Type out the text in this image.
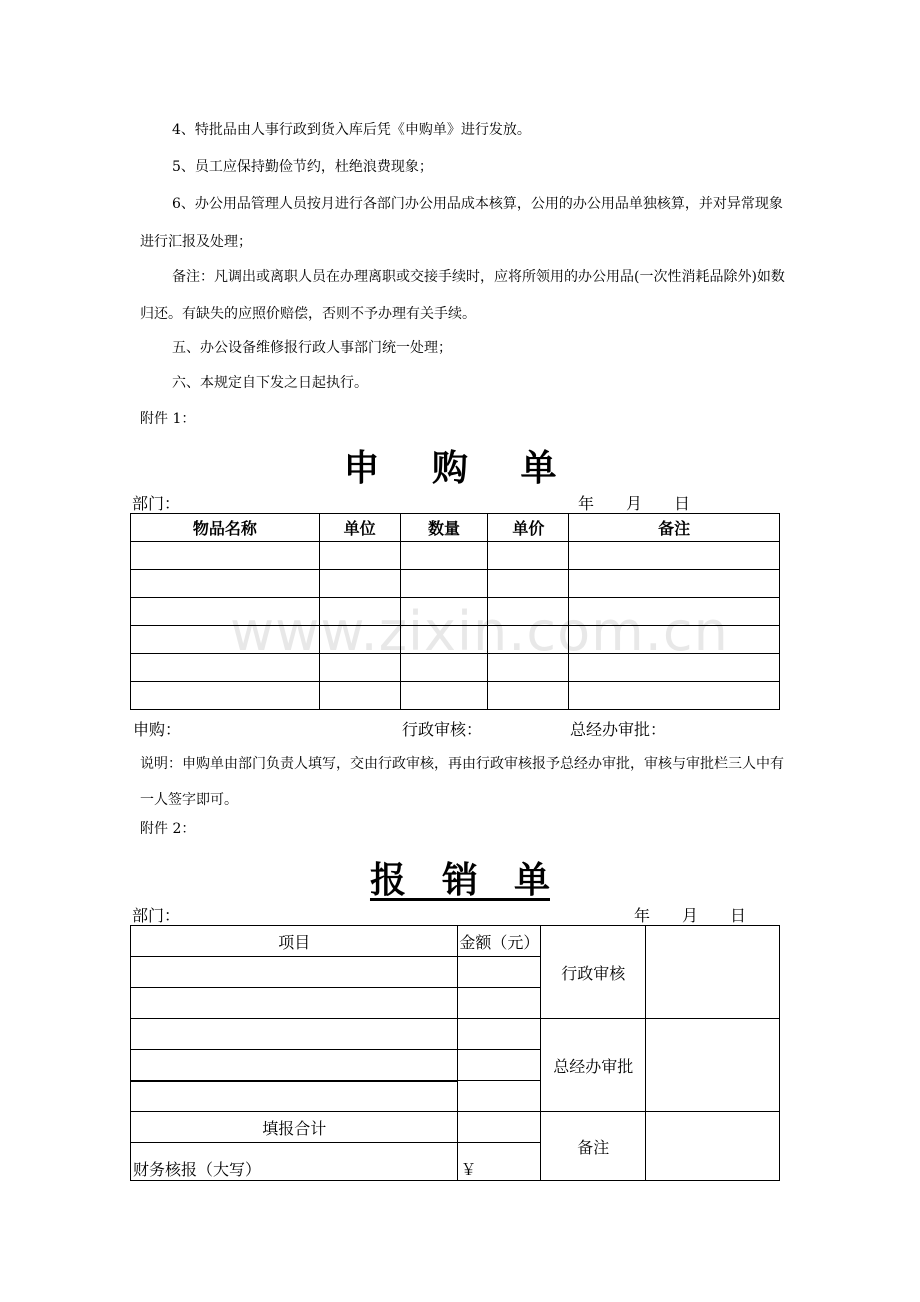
www.zixin.com.cn
4、特批品由人事行政到货入库后凭《申购单》进行发放。
5、员工应保持勤俭节约，杜绝浪费现象；
6、办公用品管理人员按月进行各部门办公用品成本核算，公用的办公用品单独核算，并对异常现象进行汇报及处理；
备注：凡调出或离职人员在办理离职或交接手续时，应将所领用的办公用品(一次性消耗品除外)如数归还。有缺失的应照价赔偿，否则不予办理有关手续。
五、办公设备维修报行政人事部门统一处理；
六、本规定自下发之日起执行。
附件 1：
申 购 单
部门：	年　　月　　日
物品名称	单位	数量	单价	备注

申购：	行政审核：	总经办审批：
说明：申购单由部门负责人填写，交由行政审核，再由行政审核报予总经办审批，审核与审批栏三人中有一人签字即可。
附件 2：
报　销　单
部门：	年　　月　　日
项目	金额（元）	行政审核	

		总经办审批	

填报合计		备注	
财务核报（大写）	￥		
